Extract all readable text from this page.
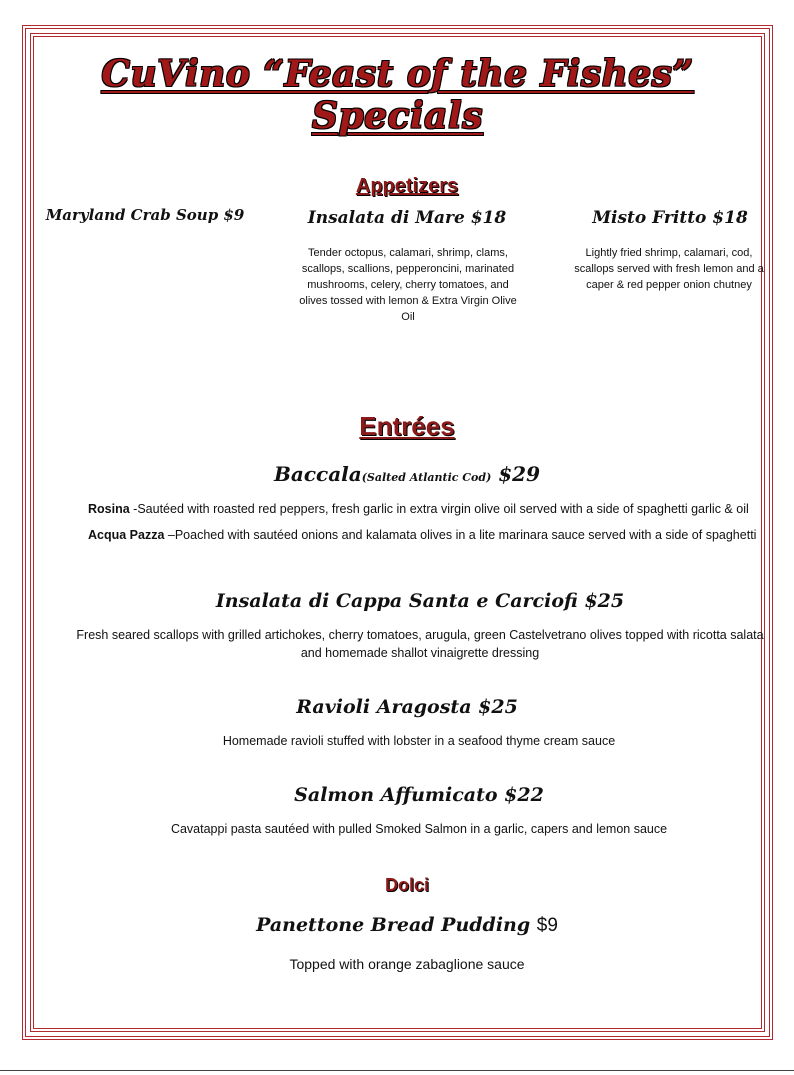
CuVino “Feast of the Fishes” Specials
Appetizers
Maryland Crab Soup $9	Insalata di Mare $18
Tender octopus, calamari, shrimp, clams, scallops, scallions, pepperoncini, marinated mushrooms, celery, cherry tomatoes, and olives tossed with lemon & Extra Virgin Olive Oil
Misto Fritto $18
Lightly fried shrimp, calamari, cod, scallops served with fresh lemon and a caper & red pepper onion chutney
Entrées
Baccala(Salted Atlantic Cod) $29
Rosina -Sautéed with roasted red peppers, fresh garlic in extra virgin olive oil served with a side of spaghetti garlic & oil
Acqua Pazza –Poached with sautéed onions and kalamata olives in a lite marinara sauce served with a side of spaghetti
Insalata di Cappa Santa e Carciofi $25
Fresh seared scallops with grilled artichokes, cherry tomatoes, arugula, green Castelvetrano olives topped with ricotta salata and homemade shallot vinaigrette dressing
Ravioli Aragosta $25
Homemade ravioli stuffed with lobster in a seafood thyme cream sauce
Salmon Affumicato $22
Cavatappi pasta sautéed with pulled Smoked Salmon in a garlic, capers and lemon sauce
Dolci
Panettone Bread Pudding $9
Topped with orange zabaglione sauce
